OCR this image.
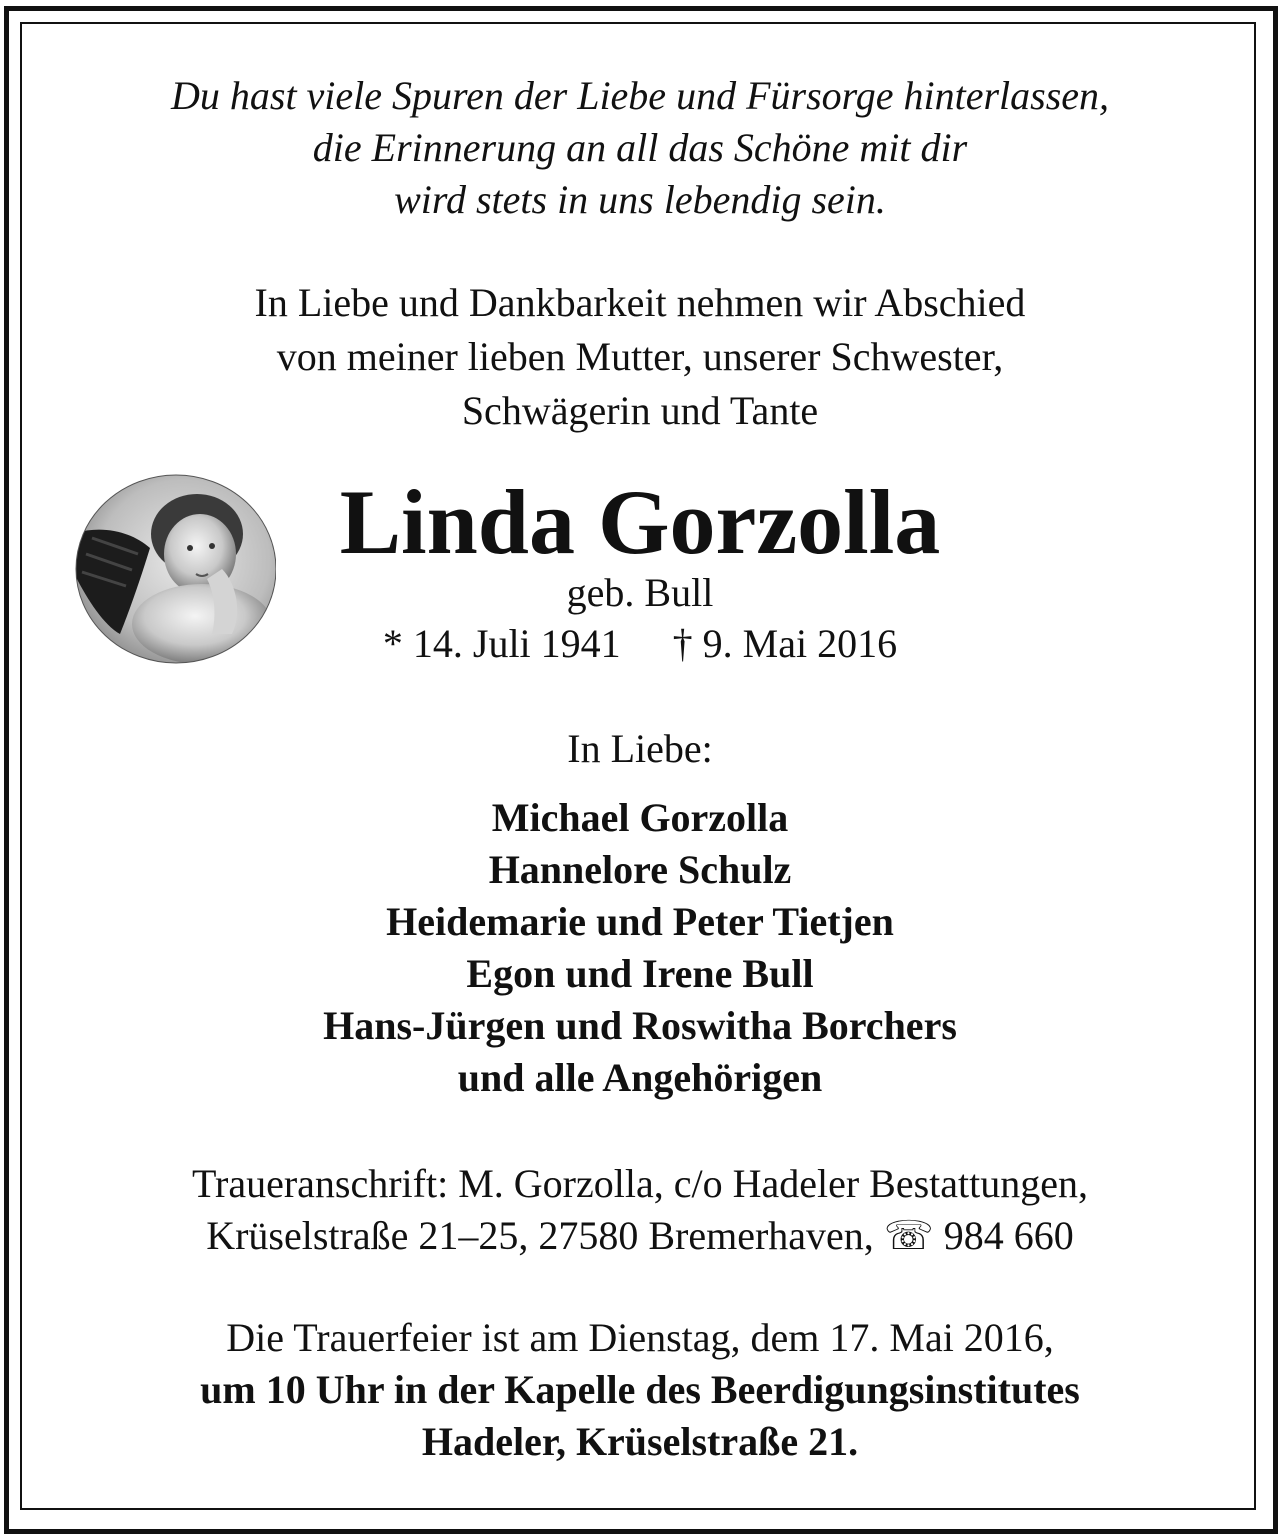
Du hast viele Spuren der Liebe und Fürsorge hinterlassen,
die Erinnerung an all das Schöne mit dir
wird stets in uns lebendig sein.
In Liebe und Dankbarkeit nehmen wir Abschied
von meiner lieben Mutter, unserer Schwester,
Schwägerin und Tante
Linda Gorzolla
geb. Bull
* 14. Juli 1941 † 9. Mai 2016
In Liebe:
Michael Gorzolla
Hannelore Schulz
Heidemarie und Peter Tietjen
Egon und Irene Bull
Hans-Jürgen und Roswitha Borchers
und alle Angehörigen
Traueranschrift: M. Gorzolla, c/o Hadeler Bestattungen,
Krüselstraße 21–25, 27580 Bremerhaven, ☏ 984 660
Die Trauerfeier ist am Dienstag, dem 17. Mai 2016,
um 10 Uhr in der Kapelle des Beerdigungsinstitutes
Hadeler, Krüselstraße 21.
